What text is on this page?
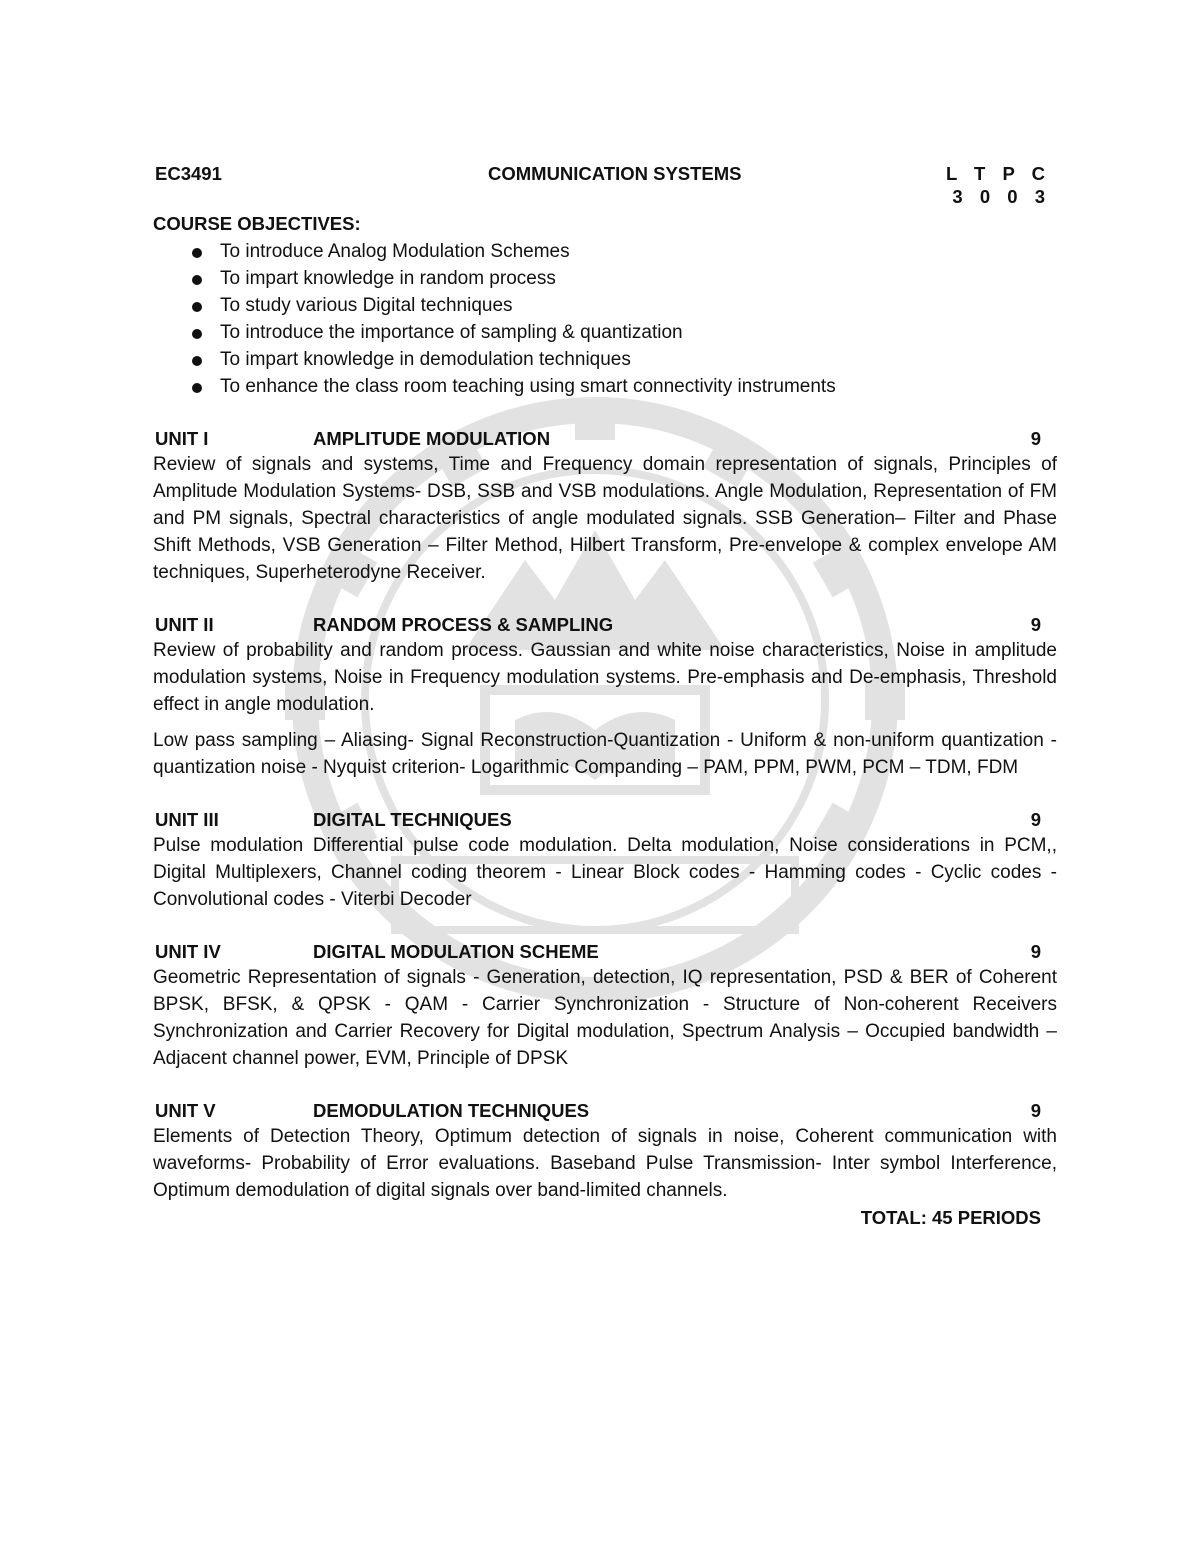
EC3491	COMMUNICATION SYSTEMS	L T P C
3 0 0 3
COURSE OBJECTIVES:
To introduce Analog Modulation Schemes
To impart knowledge in random process
To study various Digital techniques
To introduce the importance of sampling & quantization
To impart knowledge in demodulation techniques
To enhance the class room teaching using smart connectivity instruments
UNIT I	AMPLITUDE MODULATION	9

Review of signals and systems, Time and Frequency domain representation of signals, Principles of Amplitude Modulation Systems- DSB, SSB and VSB modulations. Angle Modulation, Representation of FM and PM signals, Spectral characteristics of angle modulated signals. SSB Generation– Filter and Phase Shift Methods, VSB Generation – Filter Method, Hilbert Transform, Pre-envelope & complex envelope AM techniques, Superheterodyne Receiver.

UNIT II	RANDOM PROCESS & SAMPLING	9

Review of probability and random process. Gaussian and white noise characteristics, Noise in amplitude modulation systems, Noise in Frequency modulation systems. Pre-emphasis and De-emphasis, Threshold effect in angle modulation.

Low pass sampling – Aliasing- Signal Reconstruction-Quantization - Uniform & non-uniform quantization - quantization noise - Nyquist criterion- Logarithmic Companding – PAM, PPM, PWM, PCM – TDM, FDM

UNIT III	DIGITAL TECHNIQUES	9

Pulse modulation Differential pulse code modulation. Delta modulation, Noise considerations in PCM,, Digital Multiplexers, Channel coding theorem - Linear Block codes - Hamming codes - Cyclic codes - Convolutional codes - Viterbi Decoder

UNIT IV	DIGITAL MODULATION SCHEME	9

Geometric Representation of signals - Generation, detection, IQ representation, PSD & BER of Coherent BPSK, BFSK, & QPSK - QAM - Carrier Synchronization - Structure of Non-coherent Receivers Synchronization and Carrier Recovery for Digital modulation, Spectrum Analysis – Occupied bandwidth – Adjacent channel power, EVM, Principle of DPSK

UNIT V	DEMODULATION TECHNIQUES	9

Elements of Detection Theory, Optimum detection of signals in noise, Coherent communication with waveforms- Probability of Error evaluations. Baseband Pulse Transmission- Inter symbol Interference, Optimum demodulation of digital signals over band-limited channels.

TOTAL: 45 PERIODS
